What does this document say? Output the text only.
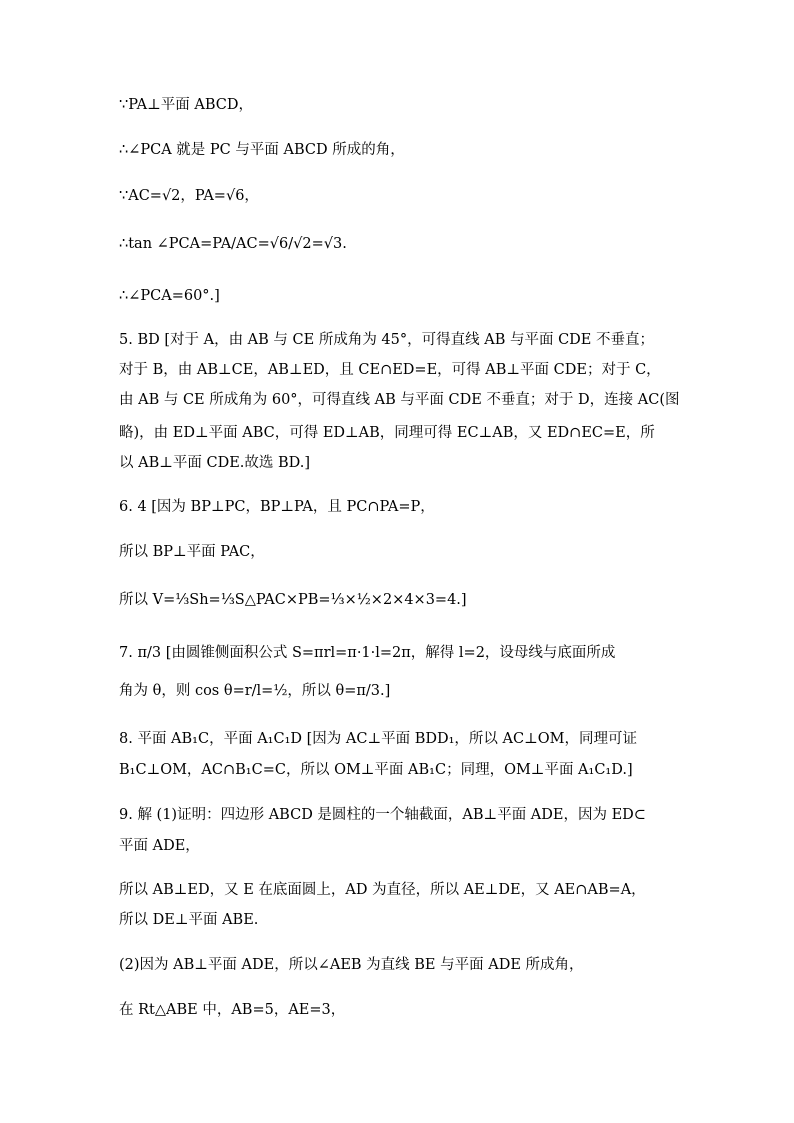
∵PA⊥平面 ABCD，
∴∠PCA 就是 PC 与平面 ABCD 所成的角，
∵AC=√2，PA=√6，
∴tan ∠PCA=PA/AC=√6/√2=√3.
∴∠PCA=60°.]
5. BD [对于 A，由 AB 与 CE 所成角为 45°，可得直线 AB 与平面 CDE 不垂直；
对于 B，由 AB⊥CE，AB⊥ED，且 CE∩ED=E，可得 AB⊥平面 CDE；对于 C，
由 AB 与 CE 所成角为 60°，可得直线 AB 与平面 CDE 不垂直；对于 D，连接 AC(图
略)，由 ED⊥平面 ABC，可得 ED⊥AB，同理可得 EC⊥AB，又 ED∩EC=E，所
以 AB⊥平面 CDE.故选 BD.]
6. 4 [因为 BP⊥PC，BP⊥PA，且 PC∩PA=P，
所以 BP⊥平面 PAC，
所以 V=⅓Sh=⅓S△PAC×PB=⅓×½×2×4×3=4.]
7. π/3 [由圆锥侧面积公式 S=πrl=π·1·l=2π，解得 l=2，设母线与底面所成
角为 θ，则 cos θ=r/l=½，所以 θ=π/3.]
8. 平面 AB₁C，平面 A₁C₁D [因为 AC⊥平面 BDD₁，所以 AC⊥OM，同理可证
B₁C⊥OM，AC∩B₁C=C，所以 OM⊥平面 AB₁C；同理，OM⊥平面 A₁C₁D.]
9. 解 (1)证明：四边形 ABCD 是圆柱的一个轴截面，AB⊥平面 ADE，因为 ED⊂
平面 ADE，
所以 AB⊥ED，又 E 在底面圆上，AD 为直径，所以 AE⊥DE，又 AE∩AB=A，
所以 DE⊥平面 ABE.
(2)因为 AB⊥平面 ADE，所以∠AEB 为直线 BE 与平面 ADE 所成角，
在 Rt△ABE 中，AB=5，AE=3，
